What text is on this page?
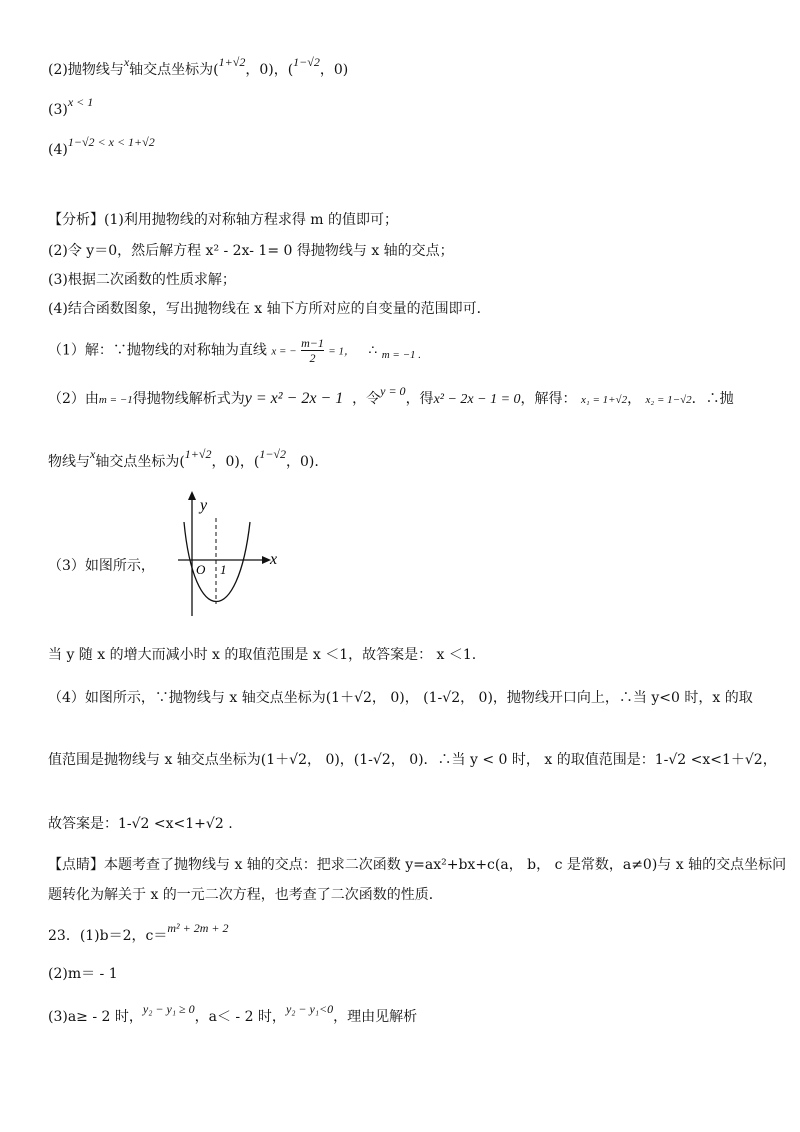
(2)抛物线与x轴交点坐标为(1+√2，0)，(1−√2，0)
(3)x < 1
(4)1−√2 < x < 1+√2
【分析】(1)利用抛物线的对称轴方程求得 m 的值即可；
(2)令 y＝0，然后解方程 x² - 2x- 1= 0 得抛物线与 x 轴的交点；
(3)根据二次函数的性质求解；
(4)结合函数图象，写出抛物线在 x 轴下方所对应的自变量的范围即可．
（1）解：∵抛物线的对称轴为直线 x = − $\frac{m-1}{2} = 1$， ∴ $_{m = -1 .}$
（2）由m = −1得抛物线解析式为y = x² − 2x − 1 ，令y = 0，得x² − 2x − 1 = 0，解得： x₁ = 1+√2， x₂ = 1−√2．∴抛
物线与x轴交点坐标为(1+√2，0)，(1−√2，0).
（3）如图所示，
y
x
O 1
当 y 随 x 的增大而减小时 x 的取值范围是 x ＜1，故答案是： x ＜1.
（4）如图所示，∵抛物线与 x 轴交点坐标为(1＋√2， 0)， (1-√2， 0)，抛物线开口向上，∴当 y<0 时，x 的取
值范围是抛物线与 x 轴交点坐标为(1＋√2， 0)，(1-√2， 0)．∴当 y < 0 时， x 的取值范围是：1-√2 <x<1＋√2，
故答案是：1-√2 <x<1+√2 .
【点睛】本题考查了抛物线与 x 轴的交点：把求二次函数 y=ax²+bx+c(a， b， c 是常数，a≠0)与 x 轴的交点坐标问
题转化为解关于 x 的一元二次方程，也考查了二次函数的性质．
23．(1)b＝2，c＝m² + 2m + 2
(2)m＝ - 1
(3)a≥ - 2 时，y₂ − y₁ ≥ 0，a＜ - 2 时，y₂ − y₁<0，理由见解析
